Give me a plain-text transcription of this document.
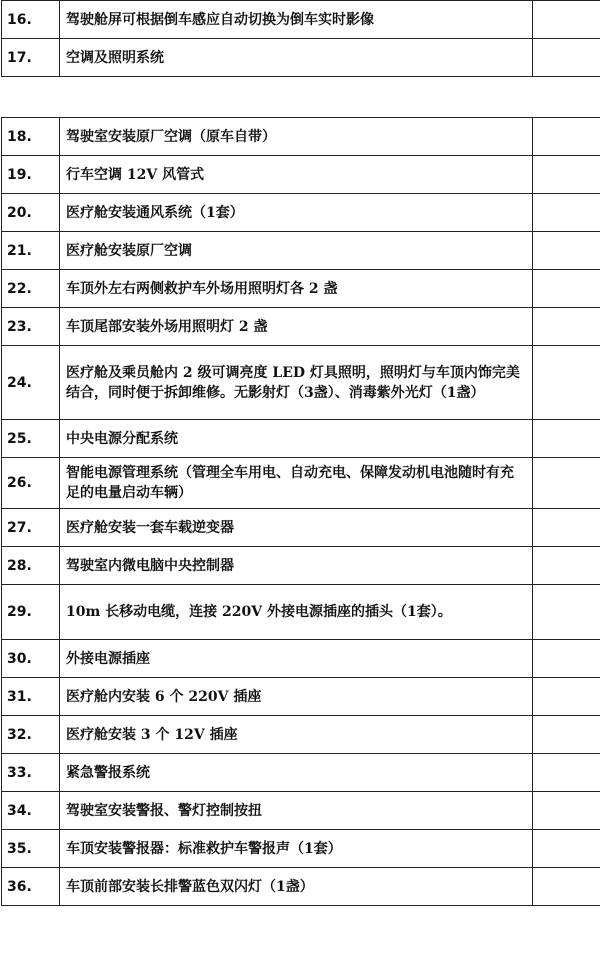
16.	驾驶舱屏可根据倒车感应自动切换为倒车实时影像	
17.	空调及照明系统	
18.	驾驶室安装原厂空调（原车自带）	
19.	行车空调 12V 风管式	
20.	医疗舱安装通风系统（1套）	
21.	医疗舱安装原厂空调	
22.	车顶外左右两侧救护车外场用照明灯各 2 盏	
23.	车顶尾部安装外场用照明灯 2 盏	
24.	医疗舱及乘员舱内 2 级可调亮度 LED 灯具照明，照明灯与车顶内饰完美结合，同时便于拆卸维修。无影射灯（3盏）、消毒紫外光灯（1盏）	
25.	中央电源分配系统	
26.	智能电源管理系统（管理全车用电、自动充电、保障发动机电池随时有充足的电量启动车辆）	
27.	医疗舱安装一套车载逆变器	
28.	驾驶室内微电脑中央控制器	
29.	10m 长移动电缆，连接 220V 外接电源插座的插头（1套）。	
30.	外接电源插座	
31.	医疗舱内安装 6 个 220V 插座	
32.	医疗舱安装 3 个 12V 插座	
33.	紧急警报系统	
34.	驾驶室安装警报、警灯控制按扭	
35.	车顶安装警报器：标准救护车警报声（1套）	
36.	车顶前部安装长排警蓝色双闪灯（1盏）	
